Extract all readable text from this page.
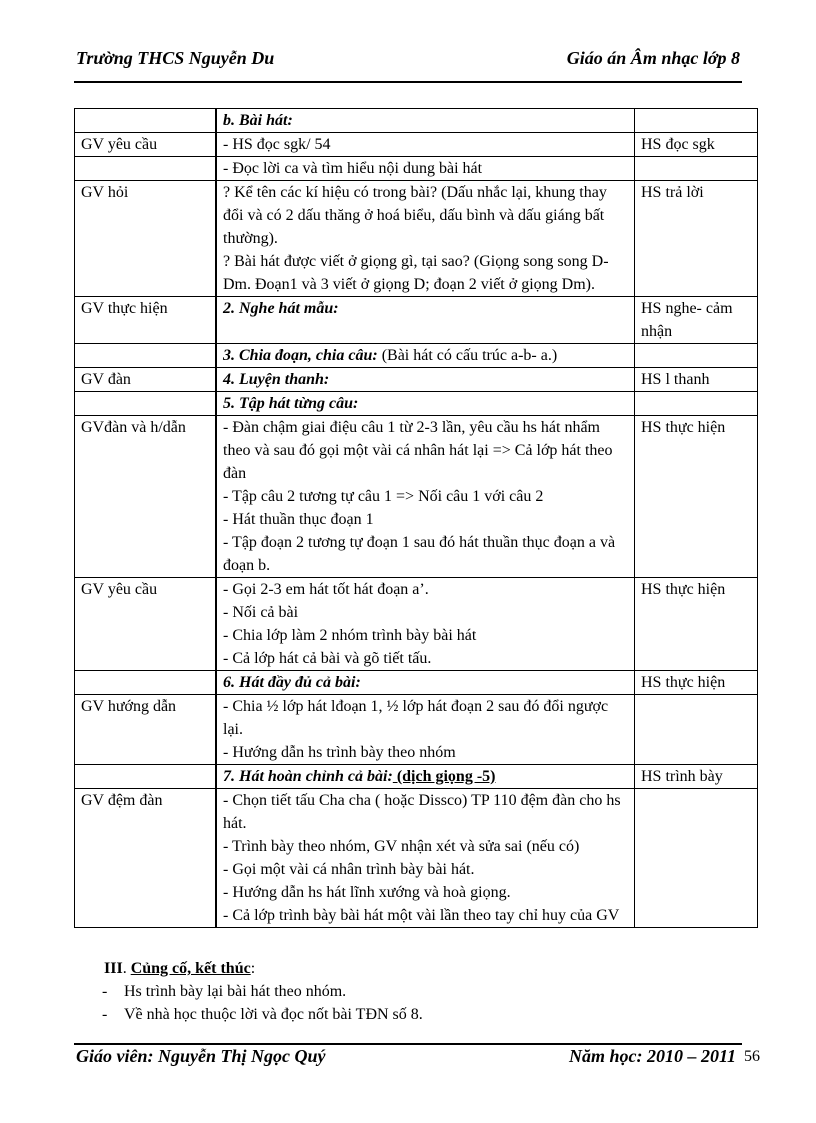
Trường THCS Nguyễn Du	Giáo án Âm nhạc lớp 8

	b. Bài hát:	

GV yêu cầu	- HS đọc sgk/ 54	HS đọc sgk

	- Đọc lời ca và tìm hiểu nội dung bài hát	

GV hỏi	? Kể tên các kí hiệu có trong bài? (Dấu nhắc lại, khung thay đổi và có 2 dấu thăng ở hoá biểu, dấu bình và dấu giáng bất thường).
? Bài hát được viết ở giọng gì, tại sao? (Giọng song song D- Dm. Đoạn1 và 3 viết ở giọng D; đoạn 2 viết ở giọng Dm).	HS trả lời
GV thực hiện	2. Nghe hát mẫu:	HS nghe- cảm nhận

	3. Chia đoạn, chia câu: (Bài hát có cấu trúc a-b- a.)	

GV đàn	4. Luyện thanh:	HS l thanh

	5. Tập hát từng câu:	

GVđàn và h/dẫn	- Đàn chậm giai điệu câu 1 từ 2-3 lần, yêu cầu hs hát nhẩm theo và sau đó gọi một vài cá nhân hát lại => Cả lớp hát theo đàn
- Tập câu 2 tương tự câu 1 => Nối câu 1 với câu 2
- Hát thuần thục đoạn 1
- Tập đoạn 2 tương tự đoạn 1 sau đó hát thuần thục đoạn a và đoạn b.	HS thực hiện
GV yêu cầu	- Gọi 2-3 em hát tốt hát đoạn a’.
- Nối cả bài
- Chia lớp làm 2 nhóm trình bày bài hát
- Cả lớp hát cả bài và gõ tiết tấu.	HS thực hiện

	6. Hát đầy đủ cả bài:	HS thực hiện
GV hướng dẫn	- Chia ½ lớp hát lđoạn 1, ½ lớp hát đoạn 2 sau đó đổi ngược lại.
- Hướng dẫn hs trình bày theo nhóm	

	7. Hát hoàn chỉnh cả bài: (dịch giọng -5)	HS trình bày
GV đệm đàn	- Chọn tiết tấu Cha cha ( hoặc Dissco) TP 110 đệm đàn cho hs hát.
- Trình bày theo nhóm, GV nhận xét và sửa sai (nếu có)
- Gọi một vài cá nhân trình bày bài hát.
- Hướng dẫn hs hát lĩnh xướng và hoà giọng.
- Cả lớp trình bày bài hát một vài lần theo tay chỉ huy của GV	

III. Củng cố, kết thúc:
- Hs trình bày lại bài hát theo nhóm.
- Về nhà học thuộc lời và đọc nốt bài TĐN số 8.
Giáo viên: Nguyễn Thị Ngọc Quý	Năm học: 2010 – 2011 56
